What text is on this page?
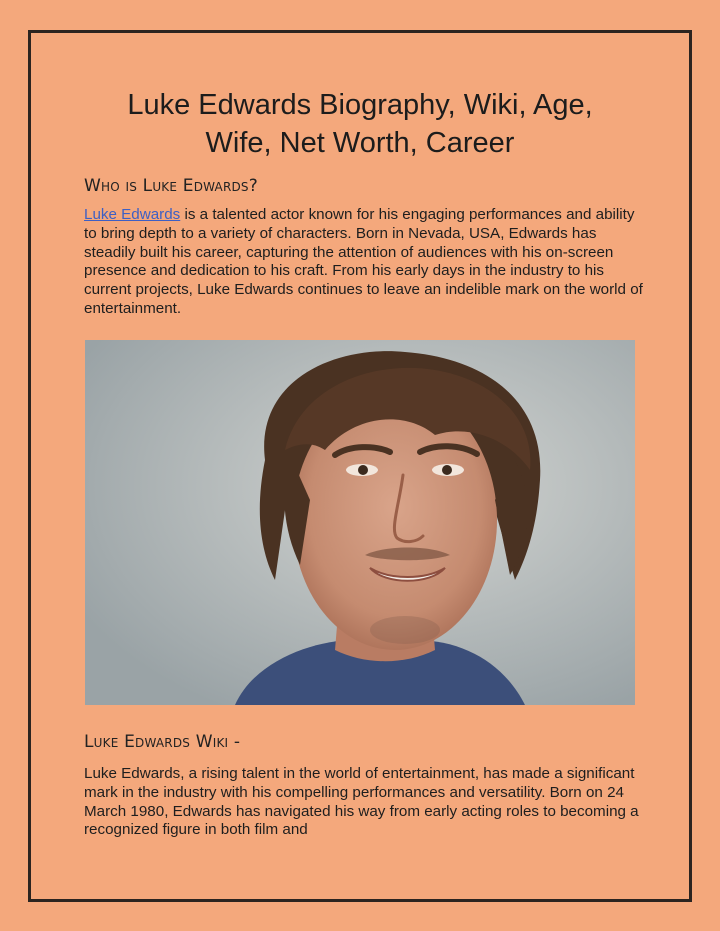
Luke Edwards Biography, Wiki, Age,
Wife, Net Worth, Career
Who is Luke Edwards?

Luke Edwards is a talented actor known for his engaging performances and ability to bring depth to a variety of characters. Born in Nevada, USA, Edwards has steadily built his career, capturing the attention of audiences with his on-screen presence and dedication to his craft. From his early days in the industry to his current projects, Luke Edwards continues to leave an indelible mark on the world of entertainment.

Luke Edwards Wiki -

Luke Edwards, a rising talent in the world of entertainment, has made a significant mark in the industry with his compelling performances and versatility. Born on 24 March 1980, Edwards has navigated his way from early acting roles to becoming a recognized figure in both film and
